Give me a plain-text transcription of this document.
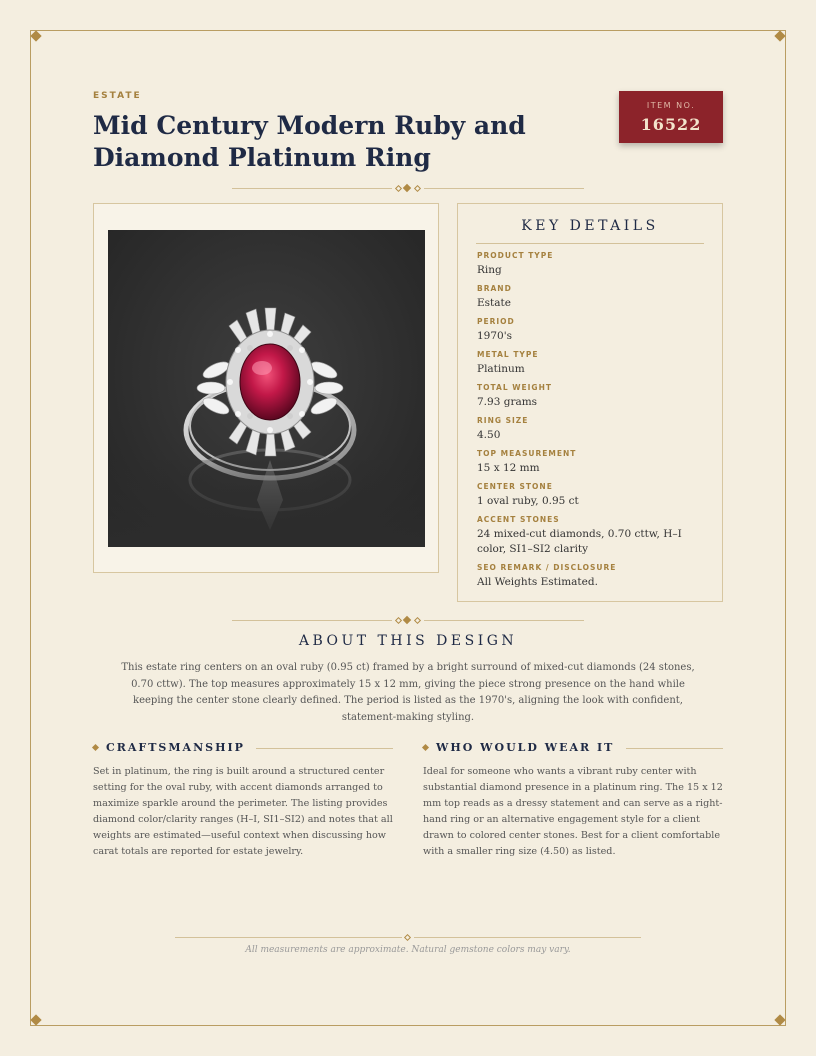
ESTATE
Mid Century Modern Ruby and Diamond Platinum Ring
ITEM NO.
16522
KEY DETAILS

PRODUCT TYPE

Ring

BRAND

Estate

PERIOD

1970's

METAL TYPE

Platinum

TOTAL WEIGHT

7.93 grams

RING SIZE

4.50

TOP MEASUREMENT

15 x 12 mm

CENTER STONE

1 oval ruby, 0.95 ct

ACCENT STONES

24 mixed-cut diamonds, 0.70 cttw, H–I color, SI1–SI2 clarity

SEO REMARK / DISCLOSURE

All Weights Estimated.

ABOUT THIS DESIGN

This estate ring centers on an oval ruby (0.95 ct) framed by a bright surround of mixed-cut diamonds (24 stones, 0.70 cttw). The top measures approximately 15 x 12 mm, giving the piece strong presence on the hand while keeping the center stone clearly defined. The period is listed as the 1970's, aligning the look with confident, statement-making styling.

CRAFTSMANSHIP

Set in platinum, the ring is built around a structured center setting for the oval ruby, with accent diamonds arranged to maximize sparkle around the perimeter. The listing provides diamond color/clarity ranges (H–I, SI1–SI2) and notes that all weights are estimated—useful context when discussing how carat totals are reported for estate jewelry.

WHO WOULD WEAR IT

Ideal for someone who wants a vibrant ruby center with substantial diamond presence in a platinum ring. The 15 x 12 mm top reads as a dressy statement and can serve as a right-hand ring or an alternative engagement style for a client drawn to colored center stones. Best for a client comfortable with a smaller ring size (4.50) as listed.

All measurements are approximate. Natural gemstone colors may vary.
